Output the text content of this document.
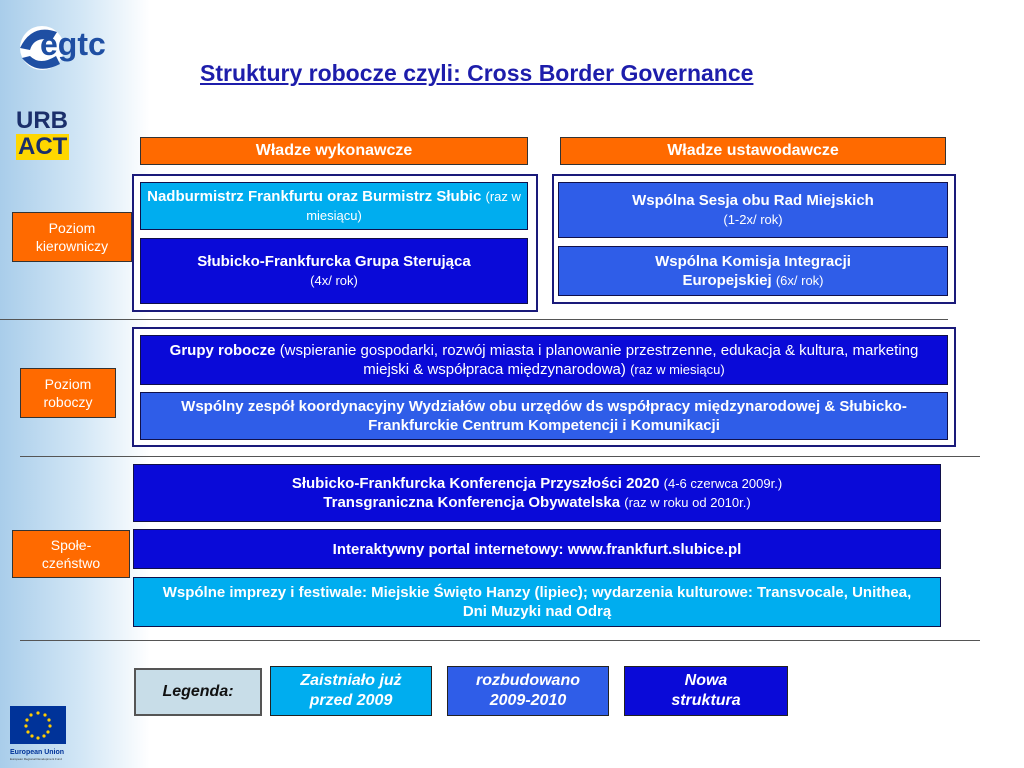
egtc
URB
ACT
Struktury robocze czyli: Cross Border Governance
Władze wykonawcze	Władze ustawodawcze
Nadburmistrz Frankfurtu oraz Burmistrz Słubic (raz w miesiącu)
Słubicko-Frankfurcka Grupa Sterująca
(4x/ rok)
Wspólna Sesja obu Rad Miejskich
(1-2x/ rok)
Wspólna Komisja Integracji Europejskiej (6x/ rok)
Poziom kierowniczy
Poziom roboczy
Społe-czeństwo
Grupy robocze (wspieranie gospodarki, rozwój miasta i planowanie przestrzenne, edukacja & kultura, marketing miejski & współpraca międzynarodowa) (raz w miesiącu)
Wspólny zespół koordynacyjny Wydziałów obu urzędów ds współpracy międzynarodowej & Słubicko-Frankfurckie Centrum Kompetencji i Komunikacji
Słubicko-Frankfurcka Konferencja Przyszłości 2020 (4-6 czerwca 2009r.)
Transgraniczna Konferencja Obywatelska (raz w roku od 2010r.)
Interaktywny portal internetowy: www.frankfurt.slubice.pl
Wspólne imprezy i festiwale: Miejskie Święto Hanzy (lipiec); wydarzenia kulturowe: Transvocale, Unithea, Dni Muzyki nad Odrą
Legenda:
Zaistniało już przed 2009
rozbudowano 2009-2010
Nowa struktura
European Union
European Regional Development Fund
